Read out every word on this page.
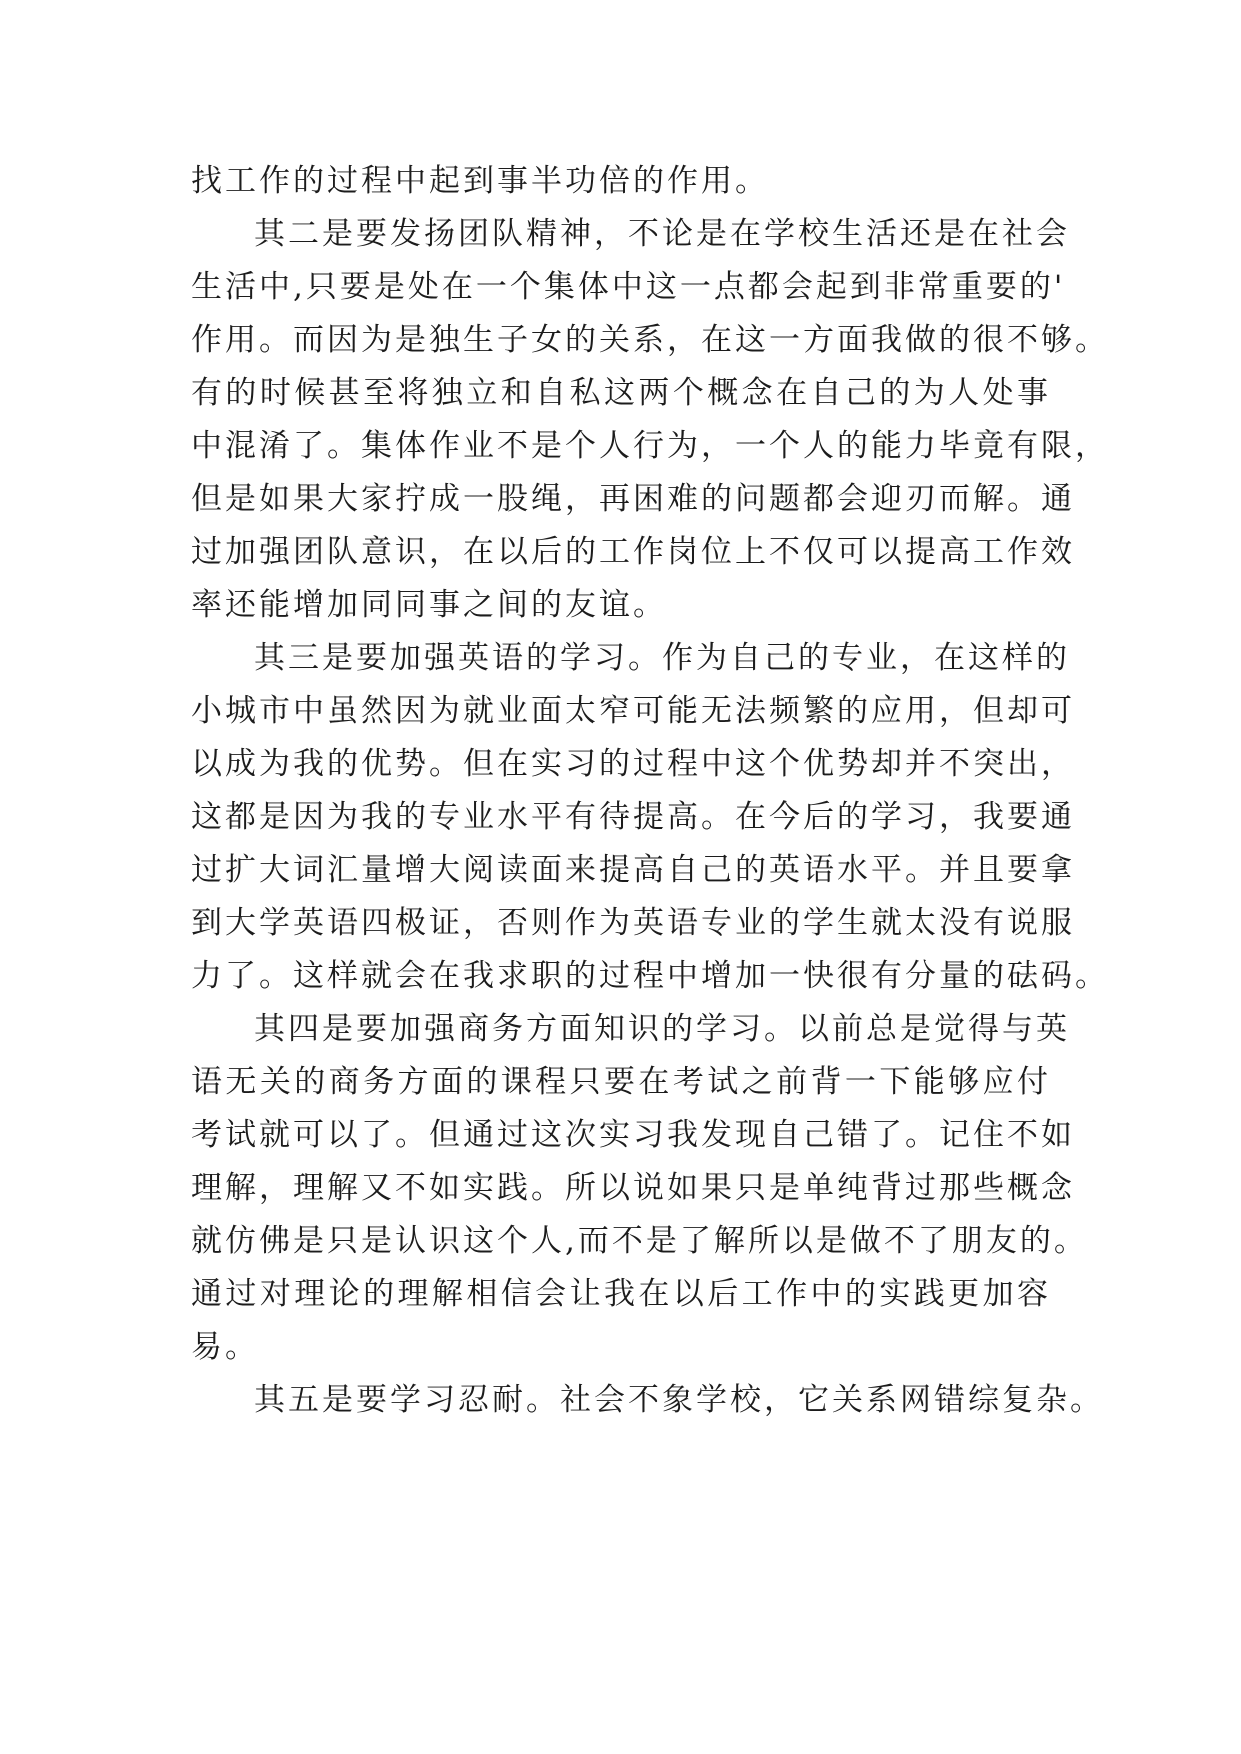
找工作的过程中起到事半功倍的作用。
其二是要发扬团队精神，不论是在学校生活还是在社会
生活中,只要是处在一个集体中这一点都会起到非常重要的'
作用。而因为是独生子女的关系，在这一方面我做的很不够。
有的时候甚至将独立和自私这两个概念在自己的为人处事
中混淆了。集体作业不是个人行为，一个人的能力毕竟有限，
但是如果大家拧成一股绳，再困难的问题都会迎刃而解。通
过加强团队意识，在以后的工作岗位上不仅可以提高工作效
率还能增加同同事之间的友谊。
其三是要加强英语的学习。作为自己的专业，在这样的
小城市中虽然因为就业面太窄可能无法频繁的应用，但却可
以成为我的优势。但在实习的过程中这个优势却并不突出，
这都是因为我的专业水平有待提高。在今后的学习，我要通
过扩大词汇量增大阅读面来提高自己的英语水平。并且要拿
到大学英语四极证，否则作为英语专业的学生就太没有说服
力了。这样就会在我求职的过程中增加一快很有分量的砝码。
其四是要加强商务方面知识的学习。以前总是觉得与英
语无关的商务方面的课程只要在考试之前背一下能够应付
考试就可以了。但通过这次实习我发现自己错了。记住不如
理解，理解又不如实践。所以说如果只是单纯背过那些概念
就仿佛是只是认识这个人,而不是了解所以是做不了朋友的。
通过对理论的理解相信会让我在以后工作中的实践更加容
易。
其五是要学习忍耐。社会不象学校，它关系网错综复杂。
